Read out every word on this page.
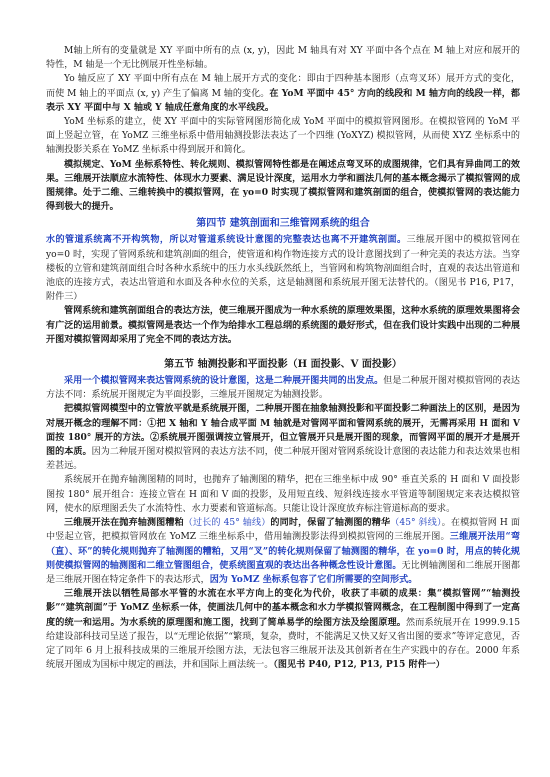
M轴上所有的变量就是 XY 平面中所有的点 (x, y)，因此 M 轴具有对 XY 平面中各个点在 M 轴上对应和展开的特性，M 轴是一个无比例展开性坐标轴。

Yo 轴反应了 XY 平面中所有点在 M 轴上展开方式的变化：即由于四种基本图形（点弯叉环）展开方式的变化，而使 M 轴上的平面点 (x, y) 产生了偏离 M 轴的变化。在 YoM 平面中 45° 方向的线段和 M 轴方向的线段一样，都表示 XY 平面中与 X 轴或 Y 轴成任意角度的水平线段。

YoM 坐标系的建立，使 XY 平面中的实际管网图形简化成 YoM 平面中的模拟管网图形。在模拟管网的 YoM 平面上竖起立管，在 YoMZ 三维坐标系中借用轴测投影法表达了一个四维 (YoXYZ) 模拟管网，从而使 XYZ 坐标系中的轴测投影关系在 YoMZ 坐标系中得到展开和简化。

模拟规定、YoM 坐标系特性、转化规则、模拟管网特性都是在阐述点弯叉环的成图规律，它们具有异曲同工的效果。三维展开法顺应水流特性、体现水力要素、满足设计深度，运用水力学和画法几何的基本概念揭示了模拟管网的成图规律。处于二维、三维转换中的模拟管网，在 yo=0 时实现了模拟管网和建筑剖面的组合，使模拟管网的表达能力得到极大的提升。

第四节 建筑剖面和三维管网系统的组合

水的管道系统离不开构筑物，所以对管道系统设计意图的完整表达也离不开建筑剖面。三维展开图中的模拟管网在 yo=0 时，实现了管网系统和建筑剖面的组合，使管道和构作物连接方式的设计意图找到了一种完美的表达方法。当穿楼板的立管和建筑剖面组合时各种水系统中的压力水头线跃然纸上，当管网和构筑物剖面组合时，直观的表达出管道和池底的连接方式，表达出管道和水面及各种水位的关系，这是轴测图和系统展开图无法替代的。（图见书 P16, P17，附件三）

管网系统和建筑剖面组合的表达方法，使三维展开图成为一种水系统的原理效果图，这种水系统的原理效果图将会有广泛的运用前景。模拟管网是表达一个作为给排水工程总纲的系统图的最好形式，但在我们设计实践中出现的二种展开图对模拟管网却采用了完全不同的表达方法。

第五节 轴测投影和平面投影（H 面投影、V 面投影）

采用一个模拟管网来表达管网系统的设计意图，这是二种展开图共同的出发点。但是二种展开图对模拟管网的表达方法不同：系统展开图规定为平面投影，三维展开图规定为轴测投影。

把模拟管网模型中的立管放平就是系统展开图，二种展开图在抽象轴测投影和平面投影二种画法上的区别，是因为对展开概念的理解不同：①把 X 轴和 Y 轴合成平面 M 轴就是对管网平面和管网系统的展开，无需再采用 H 面和 V 面按 180° 展开的方法。②系统展开图强调按立管展开，但立管展开只是展开图的现象，而管网平面的展开才是展开图的本质。因为二种展开图对模拟管网的表达方法不同，使二种展开图对管网系统设计意图的表达能力和表达效果也相差甚远。

系统展开在抛弃轴测图精的同时，也抛弃了轴测图的精华，把在三维坐标中成 90° 垂直关系的 H 面和 V 面投影图按 180° 展开组合：连接立管在 H 面和 V 面的投影，及用短直线、短斜线连接水平管道等制图规定来表达模拟管网，使水的原理图丢失了水流特性、水力要素和管道标高。只能让设计深度放弃标注管道标高的要求。

三维展开法在抛弃轴测图糟粕（过长的 45° 轴线）的同时，保留了轴测图的精华（45° 斜线）。在模拟管网 H 面中竖起立管，把模拟管网放在 YoMZ 三维坐标系中，借用轴测投影法得到模拟管网的三维展开图。三维展开法用“弯（直）、环”的转化规则抛弃了轴测图的糟粕，又用“叉”的转化规则保留了轴测图的精华，在 yo=0 时，用点的转化规则使模拟管网的轴测图和二维立管图组合，使系统图直观的表达出各种概念性设计意图。无比例轴测图和二维展开图都是三维展开图在特定条件下的表达形式，因为 YoMZ 坐标系包容了它们所需要的空间形式。

三维展开法以牺牲局部水平管的水流在水平方向上的变化为代价，收获了丰硕的成果：集“模拟管网”“轴测投影”“建筑剖面”于 YoMZ 坐标系一体，使画法几何中的基本概念和水力学模拟管网概念，在工程制图中得到了一定高度的统一和运用。为水系统的原理图和施工图，找到了简单易学的绘图方法及绘图原理。然而系统展开在 1999.9.15 给建设部科技司呈送了报告，以“无理论依据”“繁琐，复杂，费时，不能满足又快又好又省出图的要求”等评定意见，否定了同年 6 月上报科技成果的三维展开绘图方法，无法包容三维展开法及其创新者在生产实践中的存在。2000 年系统展开图成为国标中规定的画法，并和国际上画法统一。（图见书 P40, P12, P13, P15 附件一）
